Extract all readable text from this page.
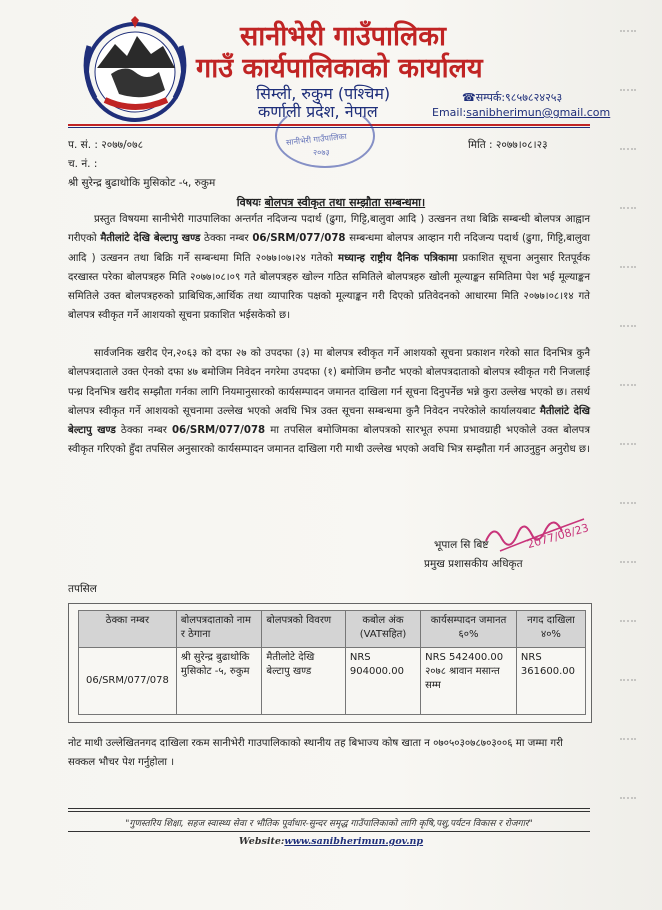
सानीभेरी गाउँपालिका
गाउँ कार्यपालिकाको कार्यालय
सिम्ली, रुकुम (पश्चिम)
कर्णाली प्रदेश, नेपाल
☎सम्पर्क:९८५७८२४२५३
Email:sanibherimun@gmail.com
सानीभेरी गाउँपालिका
२०७३
प. सं. : २०७७/०७८
च. नं. :
मिति : २०७७।०८।२३
श्री सुरेन्द्र बुढाथोकि मुसिकोट -५, रुकुम
विषयः बोलपत्र स्वीकृत तथा सम्झौता सम्बन्धमा।
प्रस्तुत विषयमा सानीभेरी गाउपालिका अन्तर्गत नदिजन्य पदार्थ (ढुगा, गिट्टि,बालुवा आदि ) उत्खनन तथा बिक्रि सम्बन्धी बोलपत्र आह्वान गरीएको मैतीलांटे देखि बेल्टापु खण्ड ठेक्का नम्बर 06/SRM/077/078 सम्बन्धमा बोलपत्र आव्हान गरी नदिजन्य पदार्थ (ढुगा, गिट्टि,बालुवा आदि ) उत्खनन तथा बिक्रि गर्ने सम्बन्धमा मिति २०७७।०७।२४ गतेको मध्यान्ह राष्ट्रीय दैनिक पत्रिकामा प्रकाशित सूचना अनुसार रितपूर्वक दरखास्त परेका बोलपत्रहरु मिति २०७७।०८।०९ गते बोलपत्रहरु खोल्न गठित समितिले बोलपत्रहरु खोली मूल्याङ्कन समितिमा पेश भई मूल्याङ्कन समितिले उक्त बोलपत्रहरुको प्राबिधिक,आर्थिक तथा व्यापारिक पक्षको मूल्याङ्कन गरी दिएको प्रतिवेदनको आधारमा मिति २०७७।०८।१४ गते बोलपत्र स्वीकृत गर्ने आशयको सूचना प्रकाशित भईसकेको छ।
सार्वजनिक खरीद ऐन,२०६३ को दफा २७ को उपदफा (३) मा बोलपत्र स्वीकृत गर्ने आशयको सूचना प्रकाशन गरेको सात दिनभित्र कुनै बोलपत्रदाताले उक्त ऐनको दफा ४७ बमोजिम निवेदन नगरेमा उपदफा (१) बमोजिम छनौट भएको बोलपत्रदाताको बोलपत्र स्वीकृत गरी निजलाई पन्ध्र दिनभित्र खरीद सम्झौता गर्नका लागि नियमानुसारको कार्यसम्पादन जमानत दाखिला गर्न सूचना दिनुपर्नेछ भन्ने कुरा उल्लेख भएको छ। तसर्थ बोलपत्र स्वीकृत गर्ने आशयको सूचनामा उल्लेख भएको अवधि भित्र उक्त सूचना सम्बन्धमा कुनै निवेदन नपरेकोले कार्यालयबाट मैतीलांटे देखि बेल्टापु खण्ड ठेक्का नम्बर 06/SRM/077/078 मा तपसिल बमोजिमका बोलपत्रको सारभूत रुपमा प्रभावग्राही भएकोले उक्त बोलपत्र स्वीकृत गरिएको हुँदा तपसिल अनुसारको कार्यसम्पादन जमानत दाखिला गरी माथी उल्लेख भएको अवधि भित्र सम्झौता गर्न आउनुहुन अनुरोध छ।
2077/08/23
भूपाल सि बिष्ट
प्रमुख प्रशासकीय अधिकृत
तपसिल
ठेक्का नम्बर	बोलपत्रदाताको नाम र ठेगाना	बोलपत्रको विवरण	कबोल अंक (VATसहित)	कार्यसम्पादन जमानत ६०%	नगद दाखिला ४०%
06/SRM/077/078	श्री सुरेन्द्र बुढाथोकि मुसिकोट -५, रुकुम	मैतीलोटे देखि बेल्टापु खण्ड	NRS 904000.00	NRS 542400.00 २०७८ श्रावान मसान्त सम्म	NRS 361600.00
नोट माथी उल्लेखितनगद दाखिला रकम सानीभेरी गाउपालिकाको स्थानीय तह बिभाज्य कोष खाता न ०७०५०३०७८७०३००६ मा जम्मा गरी सक्कल भौचर पेश गर्नुहोला ।
"गुणस्तरिय शिक्षा, सहज स्वास्थ्य सेवा र भौतिक पूर्वाधार-सुन्दर समृद्ध गाउँपालिकाको लागि कृषि,पशु,पर्यटन विकास र रोजगार"
Website:www.sanibherimun.gov.np
